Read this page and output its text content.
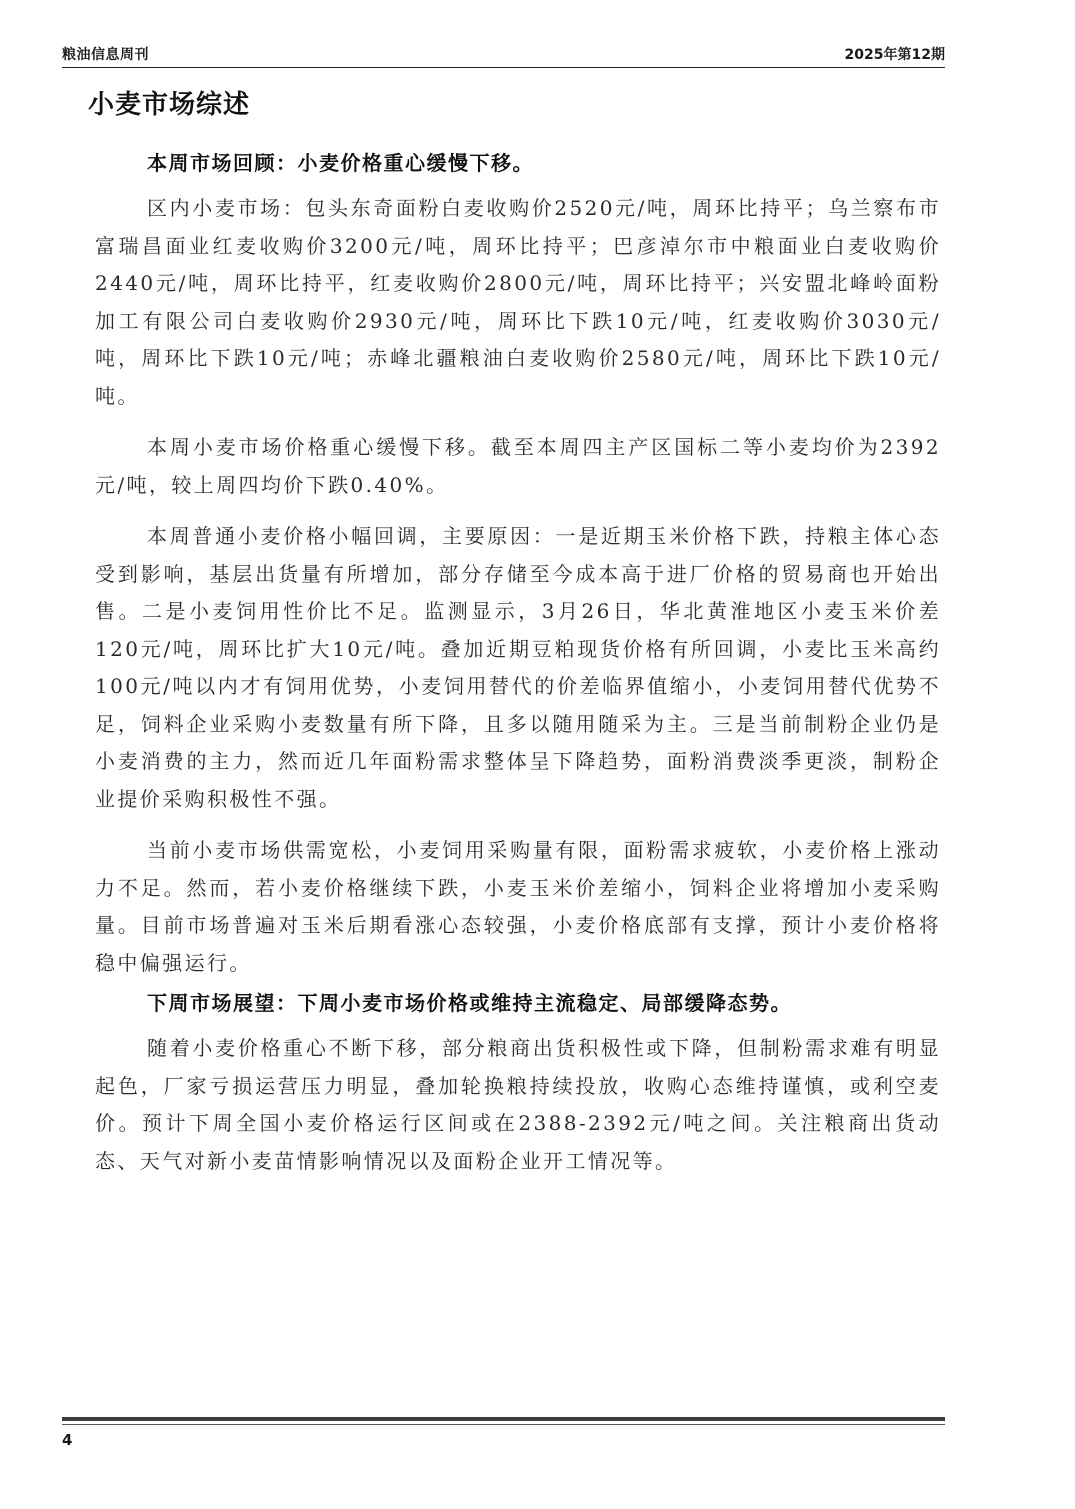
粮油信息周刊	2025年第12期
小麦市场综述

本周市场回顾：小麦价格重心缓慢下移。

区内小麦市场：包头东奇面粉白麦收购价2520元/吨，周环比持平；乌兰察布市富瑞昌面业红麦收购价3200元/吨，周环比持平；巴彦淖尔市中粮面业白麦收购价2440元/吨，周环比持平，红麦收购价2800元/吨，周环比持平；兴安盟北峰岭面粉加工有限公司白麦收购价2930元/吨，周环比下跌10元/吨，红麦收购价3030元/吨，周环比下跌10元/吨；赤峰北疆粮油白麦收购价2580元/吨，周环比下跌10元/吨。

本周小麦市场价格重心缓慢下移。截至本周四主产区国标二等小麦均价为2392元/吨，较上周四均价下跌0.40%。

本周普通小麦价格小幅回调，主要原因：一是近期玉米价格下跌，持粮主体心态受到影响，基层出货量有所增加，部分存储至今成本高于进厂价格的贸易商也开始出售。二是小麦饲用性价比不足。监测显示，3月26日，华北黄淮地区小麦玉米价差120元/吨，周环比扩大10元/吨。叠加近期豆粕现货价格有所回调，小麦比玉米高约100元/吨以内才有饲用优势，小麦饲用替代的价差临界值缩小，小麦饲用替代优势不足，饲料企业采购小麦数量有所下降，且多以随用随采为主。三是当前制粉企业仍是小麦消费的主力，然而近几年面粉需求整体呈下降趋势，面粉消费淡季更淡，制粉企业提价采购积极性不强。

当前小麦市场供需宽松，小麦饲用采购量有限，面粉需求疲软，小麦价格上涨动力不足。然而，若小麦价格继续下跌，小麦玉米价差缩小，饲料企业将增加小麦采购量。目前市场普遍对玉米后期看涨心态较强，小麦价格底部有支撑，预计小麦价格将稳中偏强运行。

下周市场展望：下周小麦市场价格或维持主流稳定、局部缓降态势。

随着小麦价格重心不断下移，部分粮商出货积极性或下降，但制粉需求难有明显起色，厂家亏损运营压力明显，叠加轮换粮持续投放，收购心态维持谨慎，或利空麦价。预计下周全国小麦价格运行区间或在2388-2392元/吨之间。关注粮商出货动态、天气对新小麦苗情影响情况以及面粉企业开工情况等。

4
